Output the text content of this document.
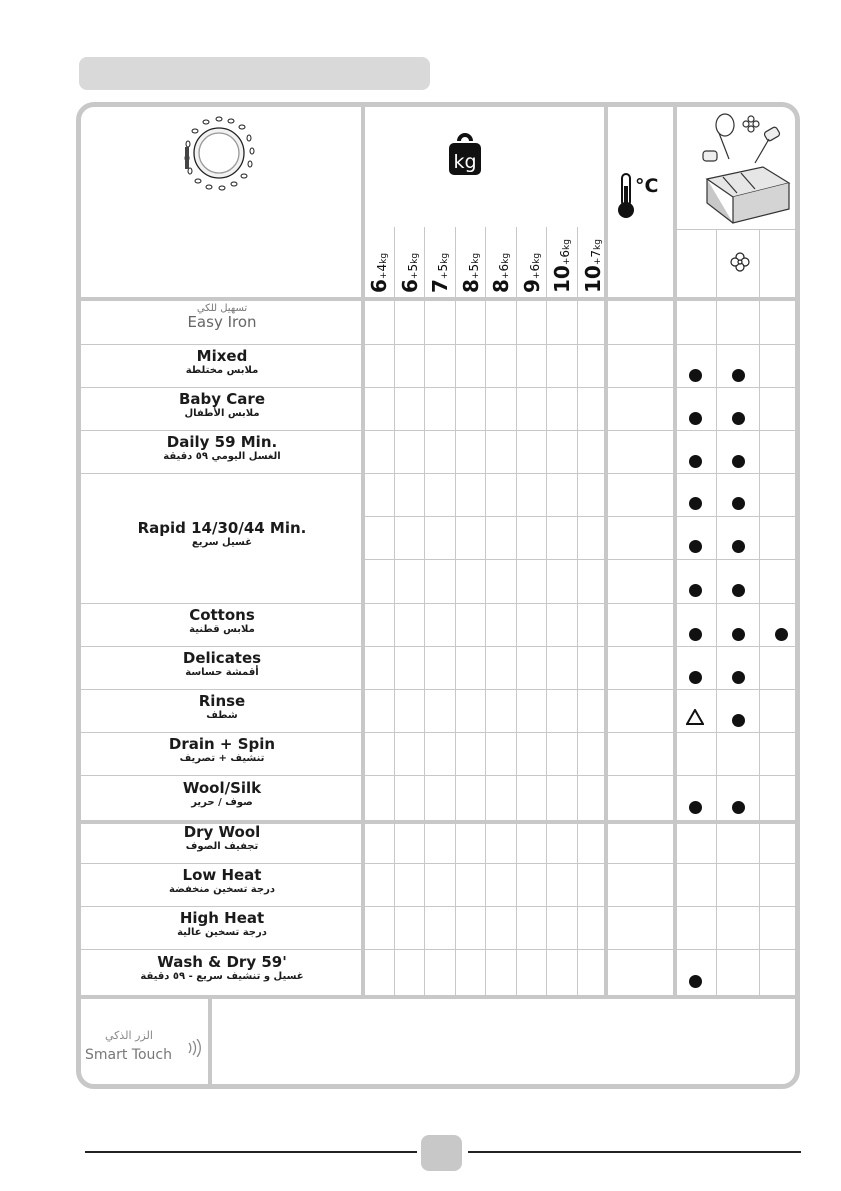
kg
°C
6+4kg
6+5kg
7+5kg
8+5kg
8+6kg
9+6kg
10+6kg
10+7kg
تسهيل للكي
Easy Iron
Mixed
ملابس مختلطة
Baby Care
ملابس الأطفال
Daily 59 Min.
الغسل اليومي ٥٩ دقيقة
Rapid 14/30/44 Min.
غسيل سريع
Cottons
ملابس قطنية
Delicates
أقمشة حساسة
Rinse
شطف
Drain + Spin
تنشيف + تصريف
Wool/Silk
صوف / حرير
Dry Wool
تجفيف الصوف
Low Heat
درجة تسخين منخفضة
High Heat
درجة تسخين عالية
Wash & Dry 59'
غسيل و تنشيف سريع - ٥٩ دقيقة
الزر الذكي
Smart Touch
